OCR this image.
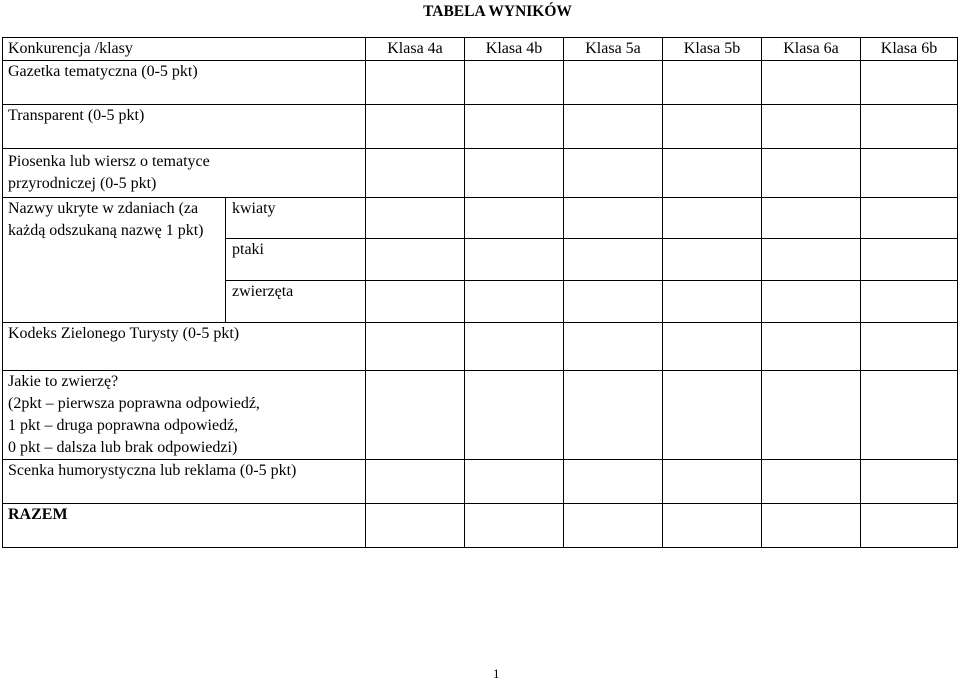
TABELA WYNIKÓW
Konkurencja /klasy		Klasa 4a	Klasa 4b	Klasa 5a	Klasa 5b	Klasa 6a	Klasa 6b
Gazetka tematyczna (0-5 pkt)							
Transparent (0-5 pkt)							
Piosenka lub wiersz o tematyce przyrodniczej (0-5 pkt)							
Nazwy ukryte w zdaniach (za każdą odszukaną nazwę 1 pkt)	kwiaty						

	ptaki						

	zwierzęta						

Kodeks Zielonego Turysty (0-5 pkt)							

Jakie to zwierzę?
(2pkt – pierwsza poprawna odpowiedź,
1 pkt – druga poprawna odpowiedź,
0 pkt – dalsza lub brak odpowiedzi)							

Scenka humorystyczna lub reklama (0-5 pkt)							
RAZEM							
1
